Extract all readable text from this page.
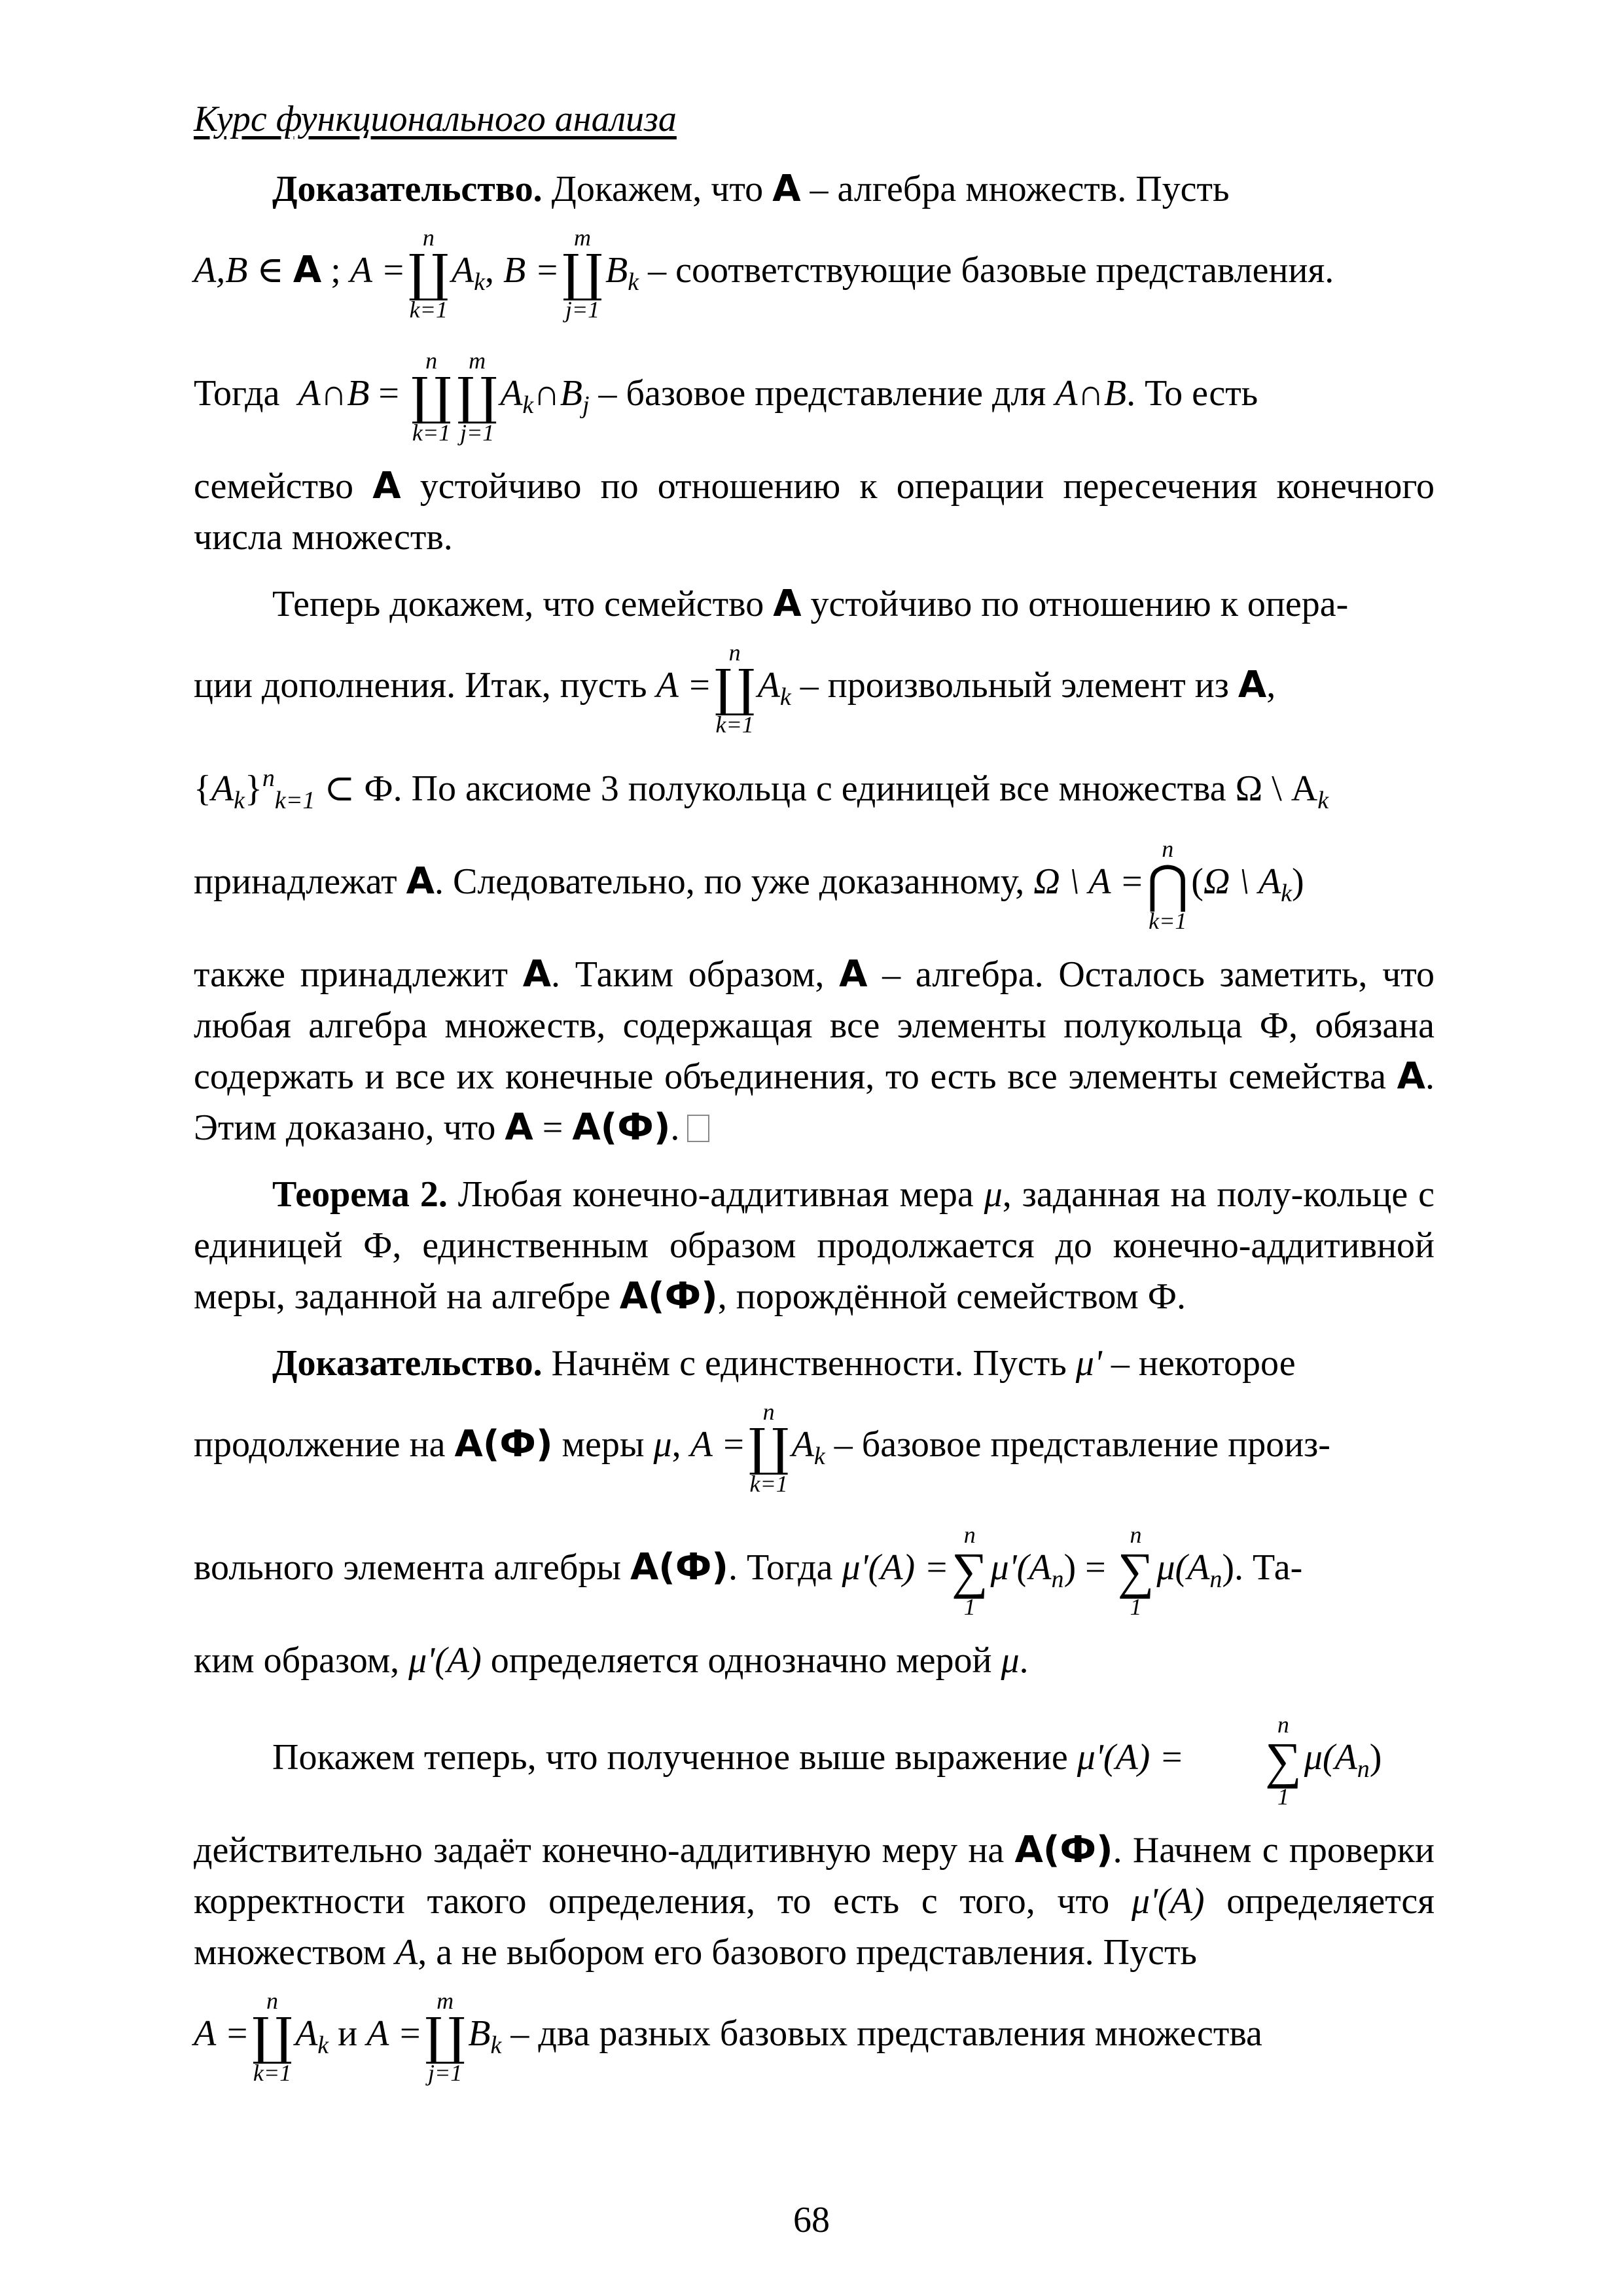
Курс функционального анализа

Доказательство. Докажем, что A – алгебра множеств. Пусть

A,B ∈ A ; A =
n
∐
k=1
$A_k$, B =
m
∐
j=1
$B_k$ – соответствующие базовые представления.

Тогда A∩B =
n
∐
k=1
m
∐
j=1
$A_k\cap B_j$ – базовое представление для A∩B. То есть

семейство A устойчиво по отношению к операции пересечения конечного числа множеств.

Теперь докажем, что семейство A устойчиво по отношению к опера-

ции дополнения. Итак, пусть A =
n
∐
k=1
$A_k$ – произвольный элемент из A,

$\{A_k\}^n_{k=1}$ ⊂ Ф. По аксиоме 3 полукольца с единицей все множества Ω \ $A_k$

принадлежат A. Следовательно, по уже доказанному, Ω \ A =
n
⋂
k=1
(Ω \ $A_k$)

также принадлежит A. Таким образом, A – алгебра. Осталось заметить, что любая алгебра множеств, содержащая все элементы полукольца Ф, обязана содержать и все их конечные объединения, то есть все элементы семейства A. Этим доказано, что A = A(Ф).

Теорема 2. Любая конечно-аддитивная мера μ, заданная на полу-кольце с единицей Ф, единственным образом продолжается до конечно-аддитивной меры, заданной на алгебре A(Ф), порождённой семейством Ф.

Доказательство. Начнём с единственности. Пусть μ' – некоторое

продолжение на A(Ф) меры μ, A =
n
∐
k=1
$A_k$ – базовое представление произ-

вольного элемента алгебры A(Ф). Тогда μ'(A) =
n
∑
1
$\mu'(A_n)$ =
n
∑
1
$\mu(A_n)$. Та-

ким образом, μ'(A) определяется однозначно мерой μ.

Покажем теперь, что полученное выше выражение μ'(A) =
n
∑
1
$\mu(A_n)$

действительно задаёт конечно-аддитивную меру на A(Ф). Начнем с проверки корректности такого определения, то есть с того, что μ'(A) определяется множеством A, а не выбором его базового представления. Пусть

A =
n
∐
k=1
$A_k$ и A =
m
∐
j=1
$B_k$ – два разных базовых представления множества

68
